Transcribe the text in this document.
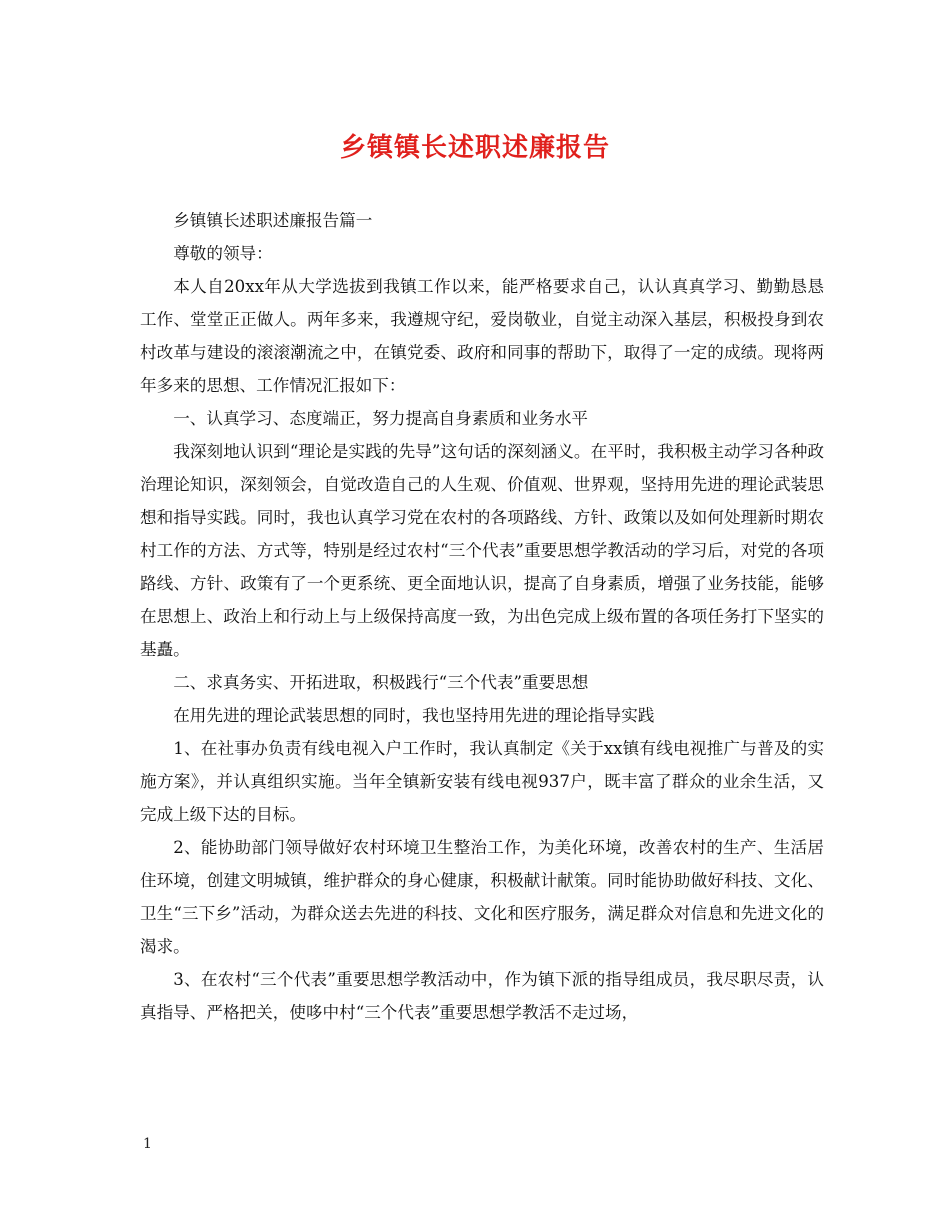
乡镇镇长述职述廉报告

乡镇镇长述职述廉报告篇一

尊敬的领导：

本人自20xx年从大学选拔到我镇工作以来，能严格要求自己，认认真真学习、勤勤恳恳工作、堂堂正正做人。两年多来，我遵规守纪，爱岗敬业，自觉主动深入基层，积极投身到农村改革与建设的滚滚潮流之中，在镇党委、政府和同事的帮助下，取得了一定的成绩。现将两年多来的思想、工作情况汇报如下：

一、认真学习、态度端正，努力提高自身素质和业务水平

我深刻地认识到“理论是实践的先导”这句话的深刻涵义。在平时，我积极主动学习各种政治理论知识，深刻领会，自觉改造自己的人生观、价值观、世界观，坚持用先进的理论武装思想和指导实践。同时，我也认真学习党在农村的各项路线、方针、政策以及如何处理新时期农村工作的方法、方式等，特别是经过农村“三个代表”重要思想学教活动的学习后，对党的各项路线、方针、政策有了一个更系统、更全面地认识，提高了自身素质，增强了业务技能，能够在思想上、政治上和行动上与上级保持高度一致，为出色完成上级布置的各项任务打下坚实的基矗。

二、求真务实、开拓进取，积极践行“三个代表”重要思想

在用先进的理论武装思想的同时，我也坚持用先进的理论指导实践

1、在社事办负责有线电视入户工作时，我认真制定《关于xx镇有线电视推广与普及的实施方案》，并认真组织实施。当年全镇新安装有线电视937户，既丰富了群众的业余生活，又完成上级下达的目标。

2、能协助部门领导做好农村环境卫生整治工作，为美化环境，改善农村的生产、生活居住环境，创建文明城镇，维护群众的身心健康，积极献计献策。同时能协助做好科技、文化、卫生“三下乡”活动，为群众送去先进的科技、文化和医疗服务，满足群众对信息和先进文化的渴求。

3、在农村“三个代表”重要思想学教活动中，作为镇下派的指导组成员，我尽职尽责，认真指导、严格把关，使哆中村“三个代表”重要思想学教活不走过场，

1
